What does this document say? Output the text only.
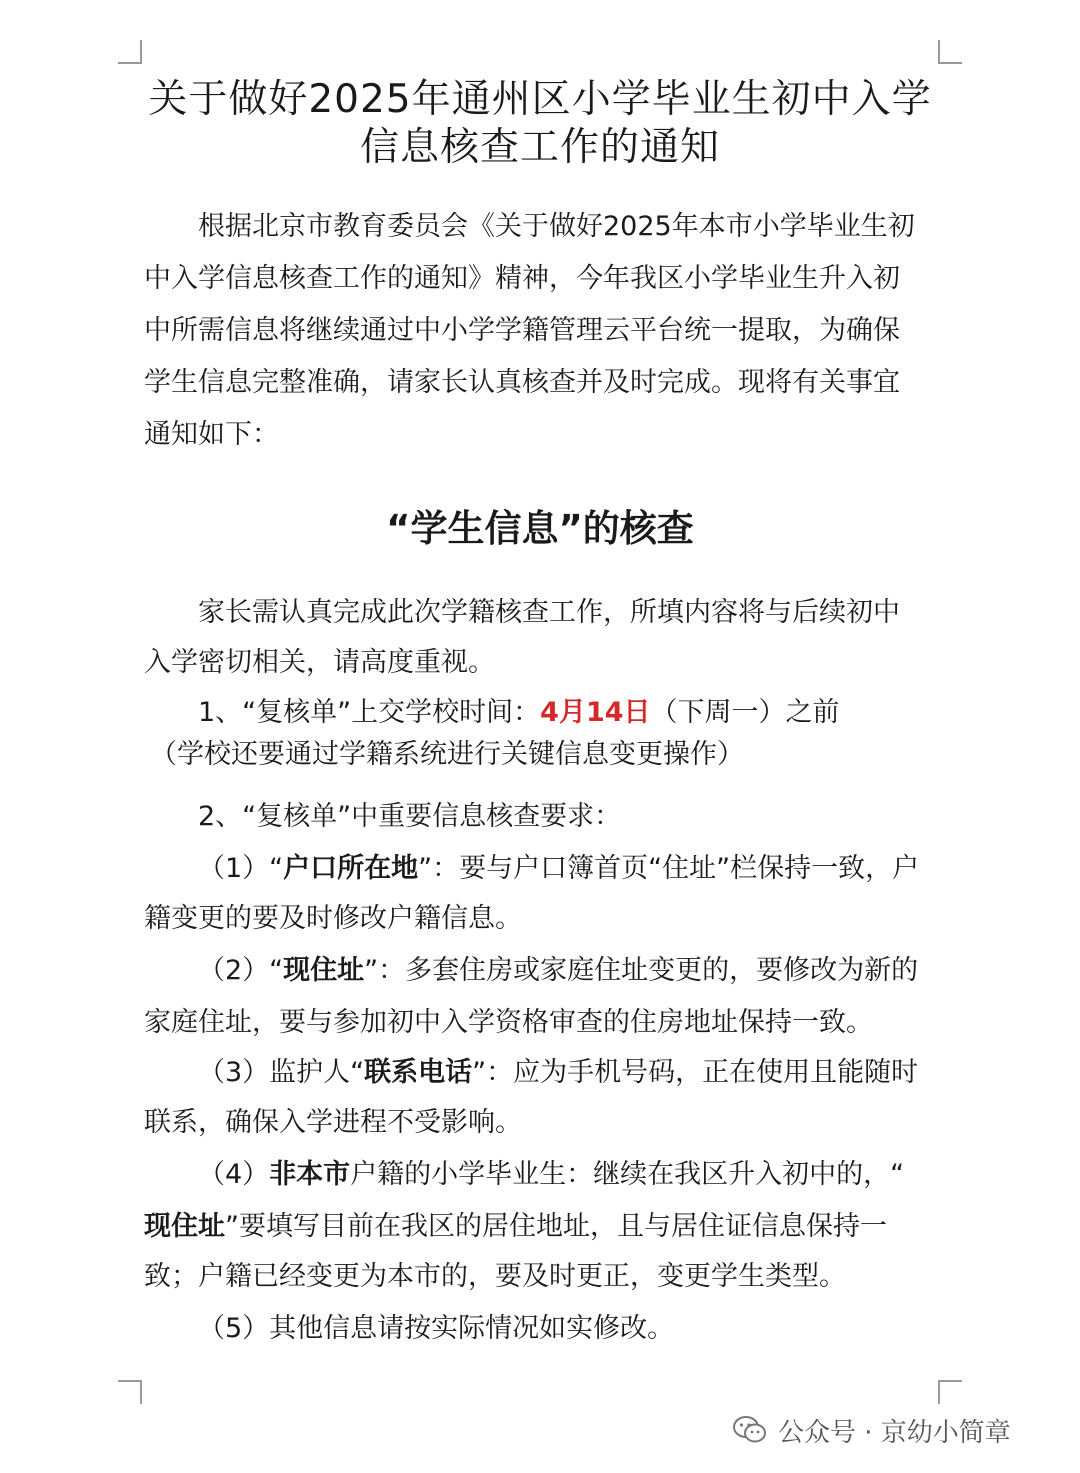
关于做好2025年通州区小学毕业生初中入学
信息核查工作的通知
根据北京市教育委员会《关于做好2025年本市小学毕业生初
中入学信息核查工作的通知》精神，今年我区小学毕业生升入初
中所需信息将继续通过中小学学籍管理云平台统一提取，为确保
学生信息完整准确，请家长认真核查并及时完成。现将有关事宜
通知如下：
“学生信息”的核查
家长需认真完成此次学籍核查工作，所填内容将与后续初中
入学密切相关，请高度重视。
1、“复核单”上交学校时间：4月14日（下周一）之前
（学校还要通过学籍系统进行关键信息变更操作）
2、“复核单”中重要信息核查要求：
（1）“户口所在地”：要与户口簿首页“住址”栏保持一致，户
籍变更的要及时修改户籍信息。
（2）“现住址”：多套住房或家庭住址变更的，要修改为新的
家庭住址，要与参加初中入学资格审查的住房地址保持一致。
（3）监护人“联系电话”：应为手机号码，正在使用且能随时
联系，确保入学进程不受影响。
（4）非本市户籍的小学毕业生：继续在我区升入初中的，“
现住址”要填写目前在我区的居住地址，且与居住证信息保持一
致；户籍已经变更为本市的，要及时更正，变更学生类型。
（5）其他信息请按实际情况如实修改。
公众号 · 京幼小简章
